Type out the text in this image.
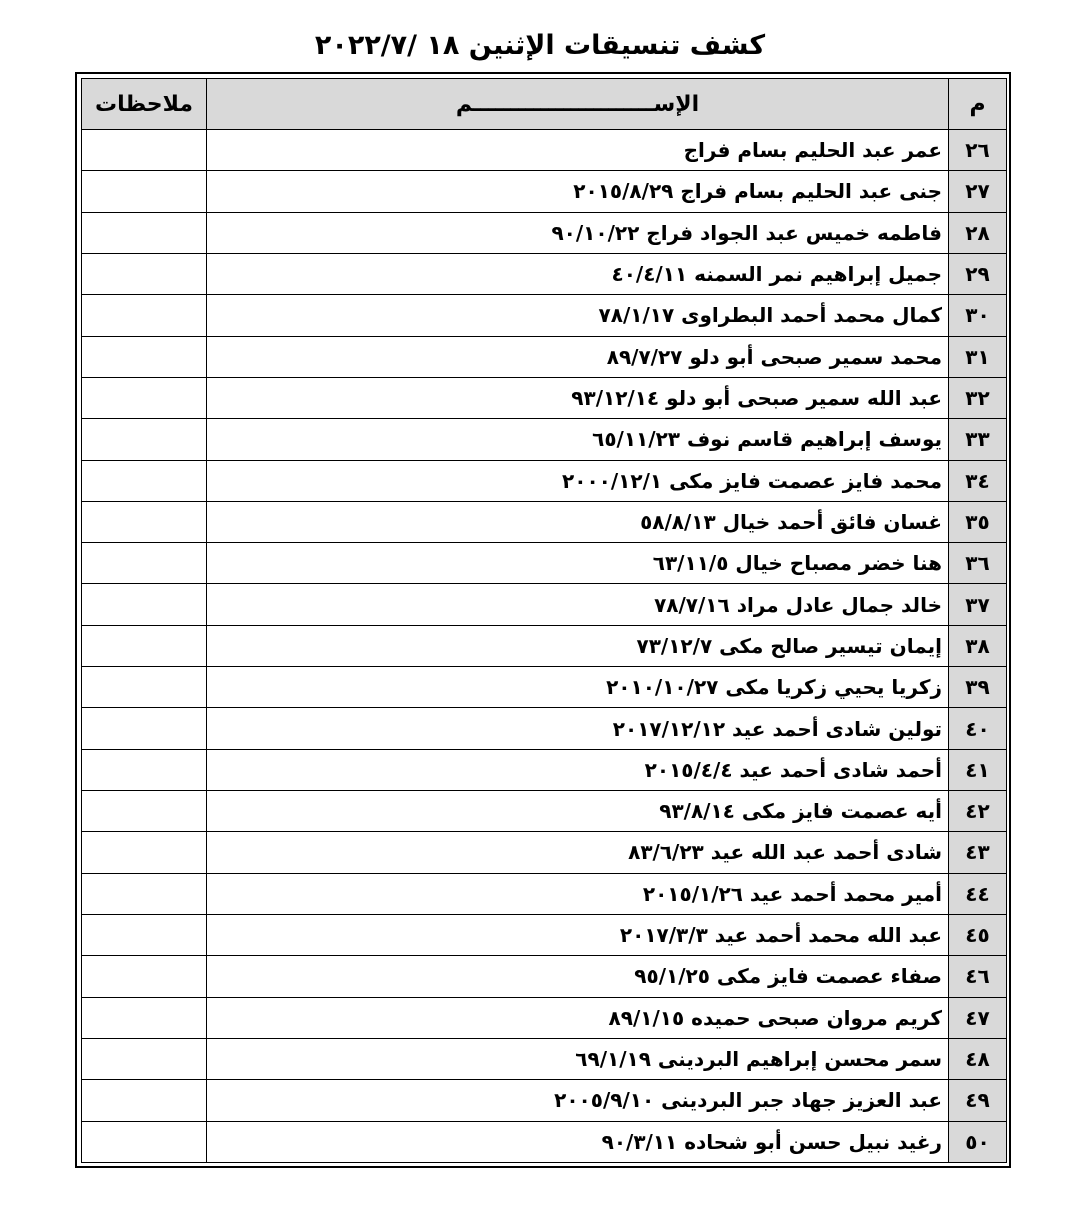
كشف تنسيقات الإثنين ١٨ /٢٠٢٢/٧
م	الإســــــــــــــــــــــــم	ملاحظات
٢٦	عمر عبد الحليم بسام فراج	
٢٧	جنى عبد الحليم بسام فراج ٢٠١٥/٨/٢٩	
٢٨	فاطمه خميس عبد الجواد فراج ٩٠/١٠/٢٢	
٢٩	جميل إبراهيم نمر السمنه ٤٠/٤/١١	
٣٠	كمال محمد أحمد البطراوى ٧٨/١/١٧	
٣١	محمد سمير صبحى أبو دلو ٨٩/٧/٢٧	
٣٢	عبد الله سمير صبحى أبو دلو ٩٣/١٢/١٤	
٣٣	يوسف إبراهيم قاسم نوف ٦٥/١١/٢٣	
٣٤	محمد فايز عصمت فايز مكى ٢٠٠٠/١٢/١	
٣٥	غسان فائق أحمد خيال ٥٨/٨/١٣	
٣٦	هنا خضر مصباح خيال ٦٣/١١/٥	
٣٧	خالد جمال عادل مراد ٧٨/٧/١٦	
٣٨	إيمان تيسير صالح مكى ٧٣/١٢/٧	
٣٩	زكريا يحيي زكريا مكى ٢٠١٠/١٠/٢٧	
٤٠	تولين شادى أحمد عيد ٢٠١٧/١٢/١٢	
٤١	أحمد شادى أحمد عيد ٢٠١٥/٤/٤	
٤٢	أيه عصمت فايز مكى ٩٣/٨/١٤	
٤٣	شادى أحمد عبد الله عيد ٨٣/٦/٢٣	
٤٤	أمير محمد أحمد عيد ٢٠١٥/١/٢٦	
٤٥	عبد الله محمد أحمد عيد ٢٠١٧/٣/٣	
٤٦	صفاء عصمت فايز مكى ٩٥/١/٢٥	
٤٧	كريم مروان صبحى حميده ٨٩/١/١٥	
٤٨	سمر محسن إبراهيم البردينى ٦٩/١/١٩	
٤٩	عبد العزيز جهاد جبر البردينى ٢٠٠٥/٩/١٠	
٥٠	رغيد نبيل حسن أبو شحاده ٩٠/٣/١١	
